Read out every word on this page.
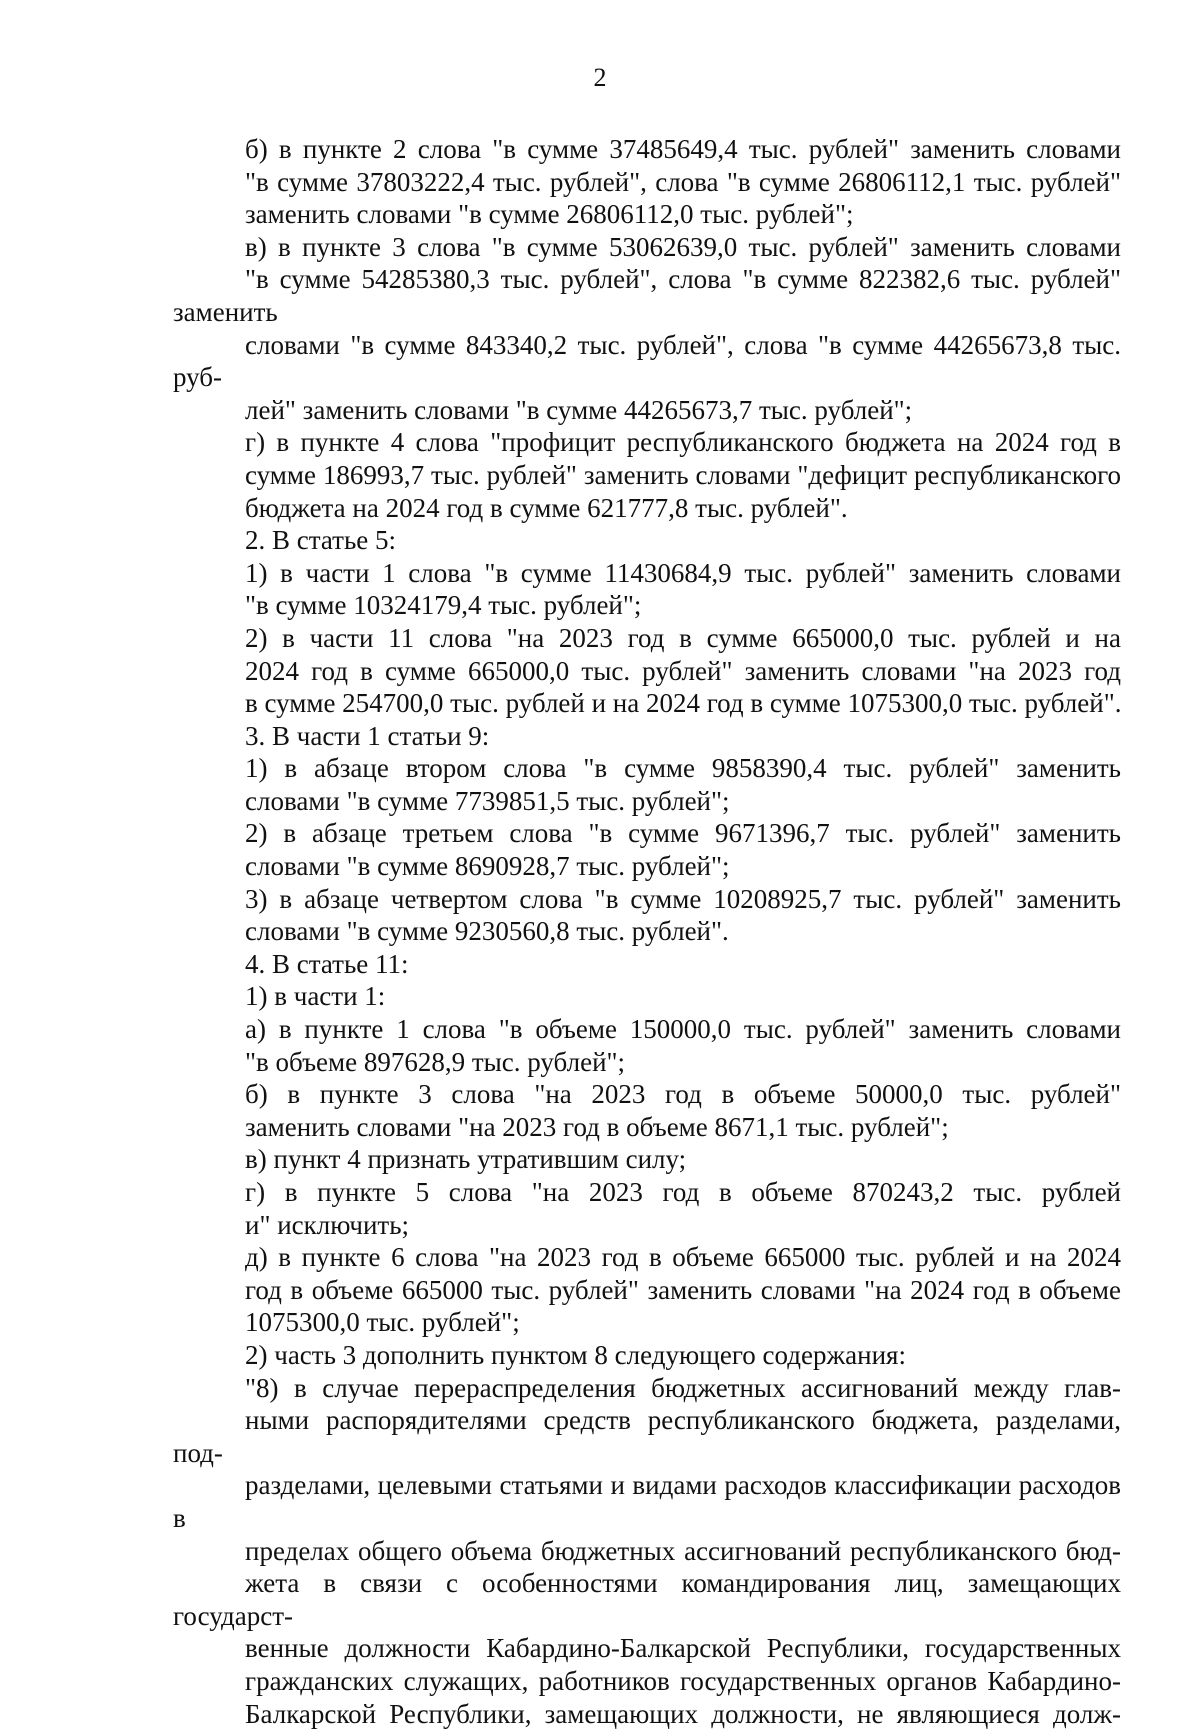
2

б) в пункте 2 слова "в сумме 37485649,4 тыс. рублей" заменить словами
"в сумме 37803222,4 тыс. рублей", слова "в сумме 26806112,1 тыс. рублей"
заменить словами "в сумме 26806112,0 тыс. рублей";

в) в пункте 3 слова "в сумме 53062639,0 тыс. рублей" заменить словами
"в сумме 54285380,3 тыс. рублей", слова "в сумме 822382,6 тыс. рублей" заменить
словами "в сумме 843340,2 тыс. рублей", слова "в сумме 44265673,8 тыс. руб-
лей" заменить словами "в сумме 44265673,7 тыс. рублей";

г) в пункте 4 слова "профицит республиканского бюджета на 2024 год в
сумме 186993,7 тыс. рублей" заменить словами "дефицит республиканского
бюджета на 2024 год в сумме 621777,8 тыс. рублей".

2. В статье 5:

1) в части 1 слова "в сумме 11430684,9 тыс. рублей" заменить словами
"в сумме 10324179,4 тыс. рублей";

2) в части 11 слова "на 2023 год в сумме 665000,0 тыс. рублей и на
2024 год в сумме 665000,0 тыс. рублей" заменить словами "на 2023 год
в сумме 254700,0 тыс. рублей и на 2024 год в сумме 1075300,0 тыс. рублей".

3. В части 1 статьи 9:

1) в абзаце втором слова "в сумме 9858390,4 тыс. рублей" заменить
словами "в сумме 7739851,5 тыс. рублей";

2) в абзаце третьем слова "в сумме 9671396,7 тыс. рублей" заменить
словами "в сумме 8690928,7 тыс. рублей";

3) в абзаце четвертом слова "в сумме 10208925,7 тыс. рублей" заменить
словами "в сумме 9230560,8 тыс. рублей".

4. В статье 11:

1) в части 1:

а) в пункте 1 слова "в объеме 150000,0 тыс. рублей" заменить словами
"в объеме 897628,9 тыс. рублей";

б) в пункте 3 слова "на 2023 год в объеме 50000,0 тыс. рублей"
заменить словами "на 2023 год в объеме 8671,1 тыс. рублей";

в) пункт 4 признать утратившим силу;

г) в пункте 5 слова "на 2023 год в объеме 870243,2 тыс. рублей
и" исключить;

д) в пункте 6 слова "на 2023 год в объеме 665000 тыс. рублей и на 2024
год в объеме 665000 тыс. рублей" заменить словами "на 2024 год в объеме
1075300,0 тыс. рублей";

2) часть 3 дополнить пунктом 8 следующего содержания:

"8) в случае перераспределения бюджетных ассигнований между глав-
ными распорядителями средств республиканского бюджета, разделами, под-
разделами, целевыми статьями и видами расходов классификации расходов в
пределах общего объема бюджетных ассигнований республиканского бюд-
жета в связи с особенностями командирования лиц, замещающих государст-
венные должности Кабардино-Балкарской Республики, государственных
гражданских служащих, работников государственных органов Кабардино-
Балкарской Республики, замещающих должности, не являющиеся долж-
